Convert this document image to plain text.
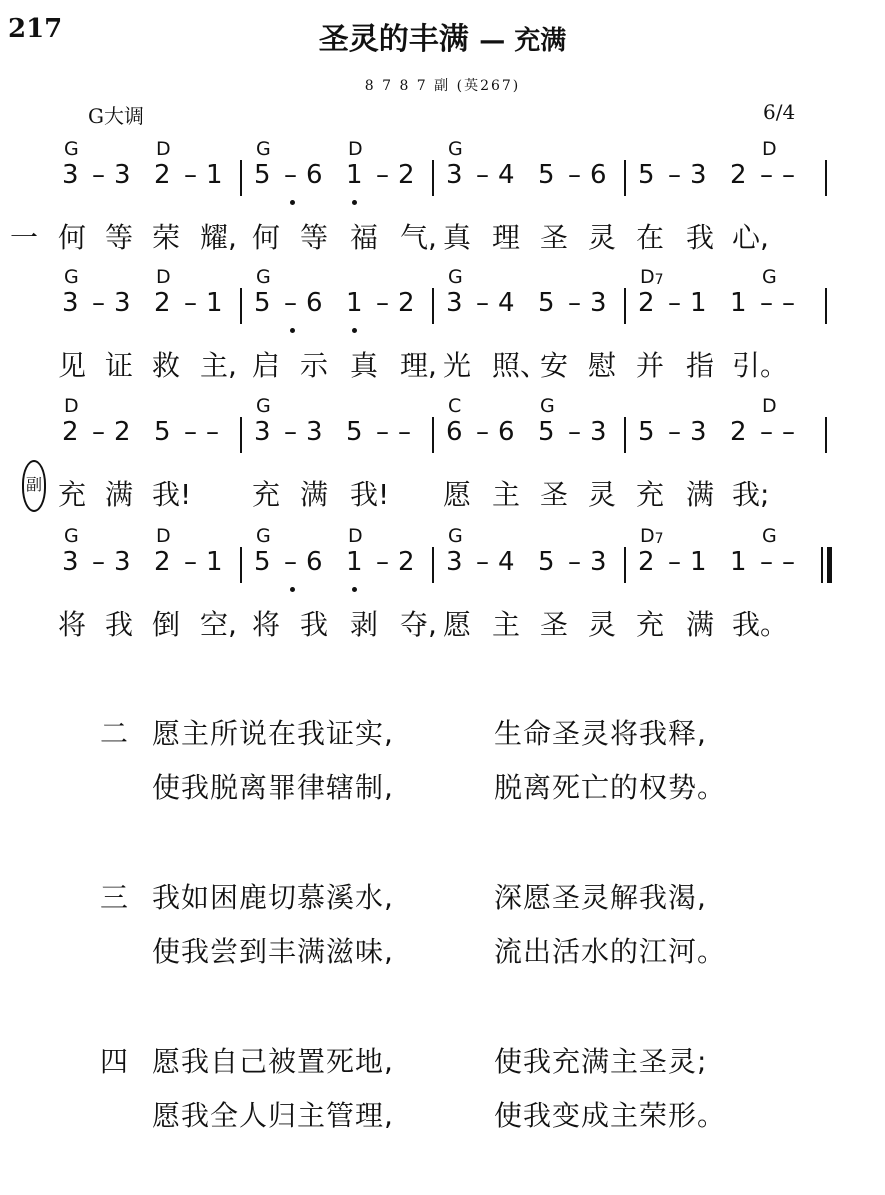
217	圣灵的丰满 — 充满
8 7 8 7 副 (英267)
G大调	6/4
G	D	G	D	G	D
3 – 3 2 – 1 5 – 6 1 – 2 3 – 4 5 – 6 5 – 3 2 – –
一 何 等 荣 耀, 何 等 福 气, 真 理 圣 灵 在 我 心,
G	D	G	G	$D_7$	G
3 – 3 2 – 1 5 – 6 1 – 2 3 – 4 5 – 3 2 – 1 1 – –
见 证 救 主, 启 示 真 理, 光 照、
安 慰 并 指 引。
D	G	C	G	D
2 – 2 5 – – 3 – 3 5 – – 6 – 6 5 – 3 5 – 3 2 – –
副 充 满 我! 充 满 我! 愿 主 圣 灵 充 满 我;
G	D	G	D	G	$D_7$	G
3 – 3 2 – 1 5 – 6 1 – 2 3 – 4 5 – 3 2 – 1 1 – –
将 我 倒 空, 将 我 剥 夺, 愿 主 圣 灵 充 满 我。
二 愿主所说在我证实,	生命圣灵将我释,
使我脱离罪律辖制,	脱离死亡的权势。
三 我如困鹿切慕溪水,	深愿圣灵解我渴,
使我尝到丰满滋味,	流出活水的江河。
四 愿我自己被置死地,	使我充满主圣灵;
愿我全人归主管理,	使我变成主荣形。
